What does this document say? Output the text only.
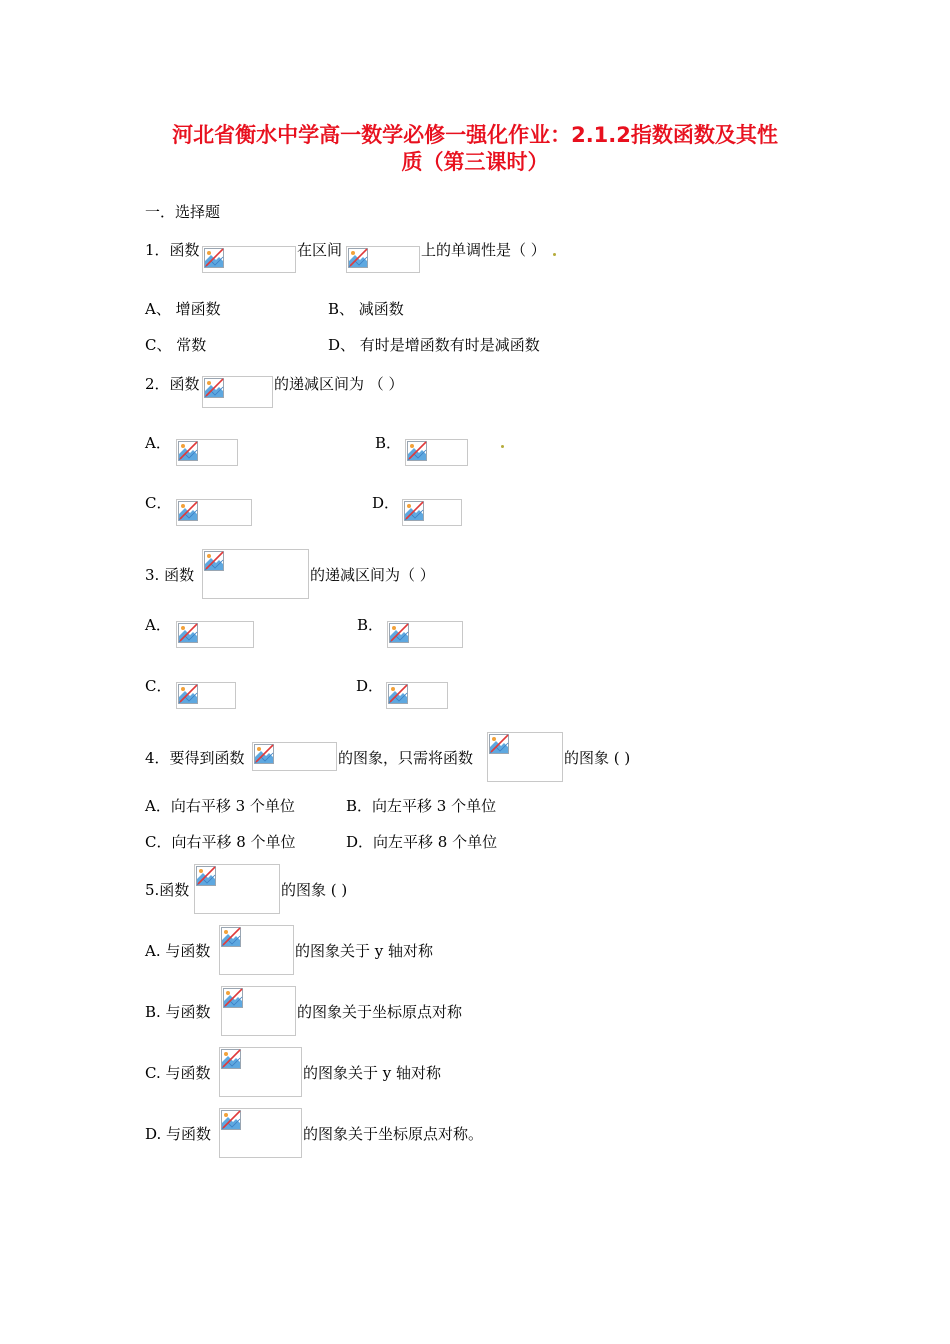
河北省衡水中学高一数学必修一强化作业：2.1.2指数函数及其性
质（第三课时）
一．选择题
1．函数	在区间	上的单调性是（ ）
A、 增函数	B、 减函数
C、 常数	D、 有时是增函数有时是减函数
2．函数	的递减区间为 （ ）
A．	B．
C．	D．
3. 函数	的递减区间为（ ）
A．	B．
C．	D．
4．要得到函数	的图象，只需将函数	的图象 ( )
A．向右平移 3 个单位	B．向左平移 3 个单位
C．向右平移 8 个单位	D．向左平移 8 个单位
5.函数	的图象 ( )
A. 与函数	的图象关于 y 轴对称
B. 与函数	的图象关于坐标原点对称
C. 与函数	的图象关于 y 轴对称
D. 与函数	的图象关于坐标原点对称。
